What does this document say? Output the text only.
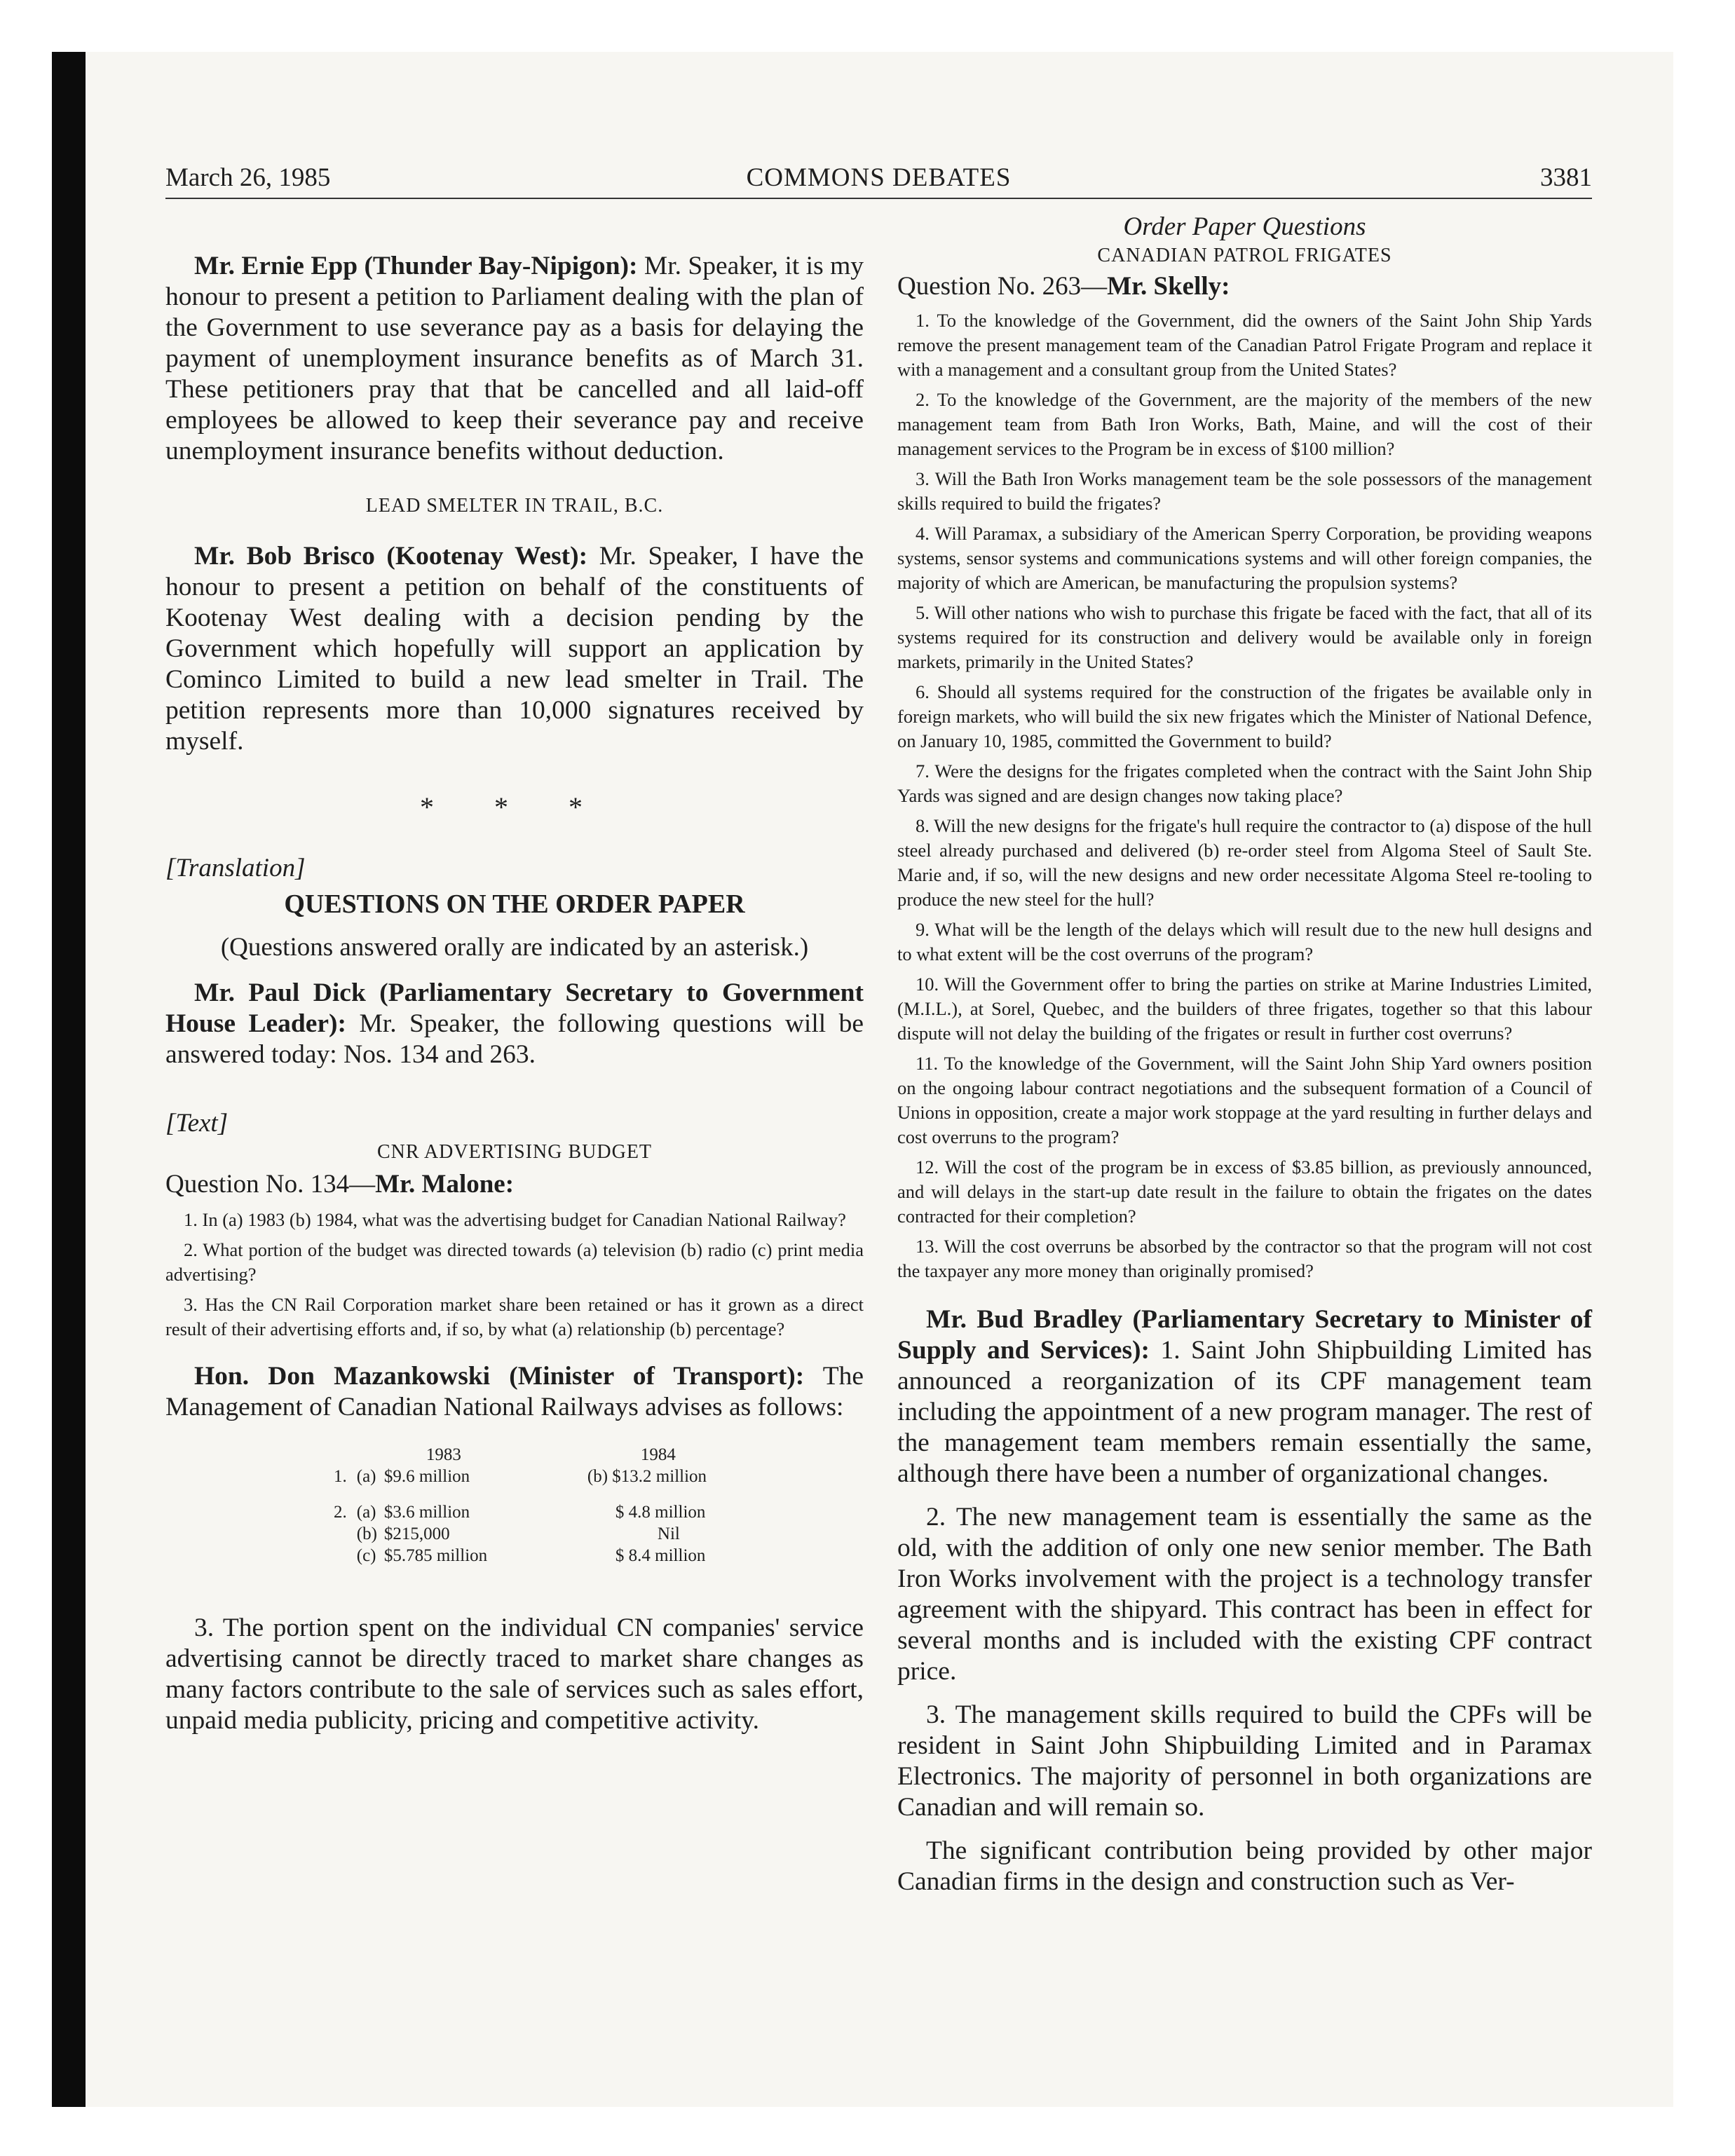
March 26, 1985	COMMONS DEBATES	3381

Mr. Ernie Epp (Thunder Bay-Nipigon): Mr. Speaker, it is my honour to present a petition to Parliament dealing with the plan of the Government to use severance pay as a basis for delaying the payment of unemployment insurance benefits as of March 31. These petitioners pray that that be cancelled and all laid-off employees be allowed to keep their severance pay and receive unemployment insurance benefits without deduction.

LEAD SMELTER IN TRAIL, B.C.

Mr. Bob Brisco (Kootenay West): Mr. Speaker, I have the honour to present a petition on behalf of the constituents of Kootenay West dealing with a decision pending by the Government which hopefully will support an application by Cominco Limited to build a new lead smelter in Trail. The petition represents more than 10,000 signatures received by myself.

* * *

[Translation]

QUESTIONS ON THE ORDER PAPER

(Questions answered orally are indicated by an asterisk.)

Mr. Paul Dick (Parliamentary Secretary to Government House Leader): Mr. Speaker, the following questions will be answered today: Nos. 134 and 263.

[Text]

CNR ADVERTISING BUDGET

Question No. 134—Mr. Malone:

1. In (a) 1983 (b) 1984, what was the advertising budget for Canadian National Railway?

2. What portion of the budget was directed towards (a) television (b) radio (c) print media advertising?

3. Has the CN Rail Corporation market share been retained or has it grown as a direct result of their advertising efforts and, if so, by what (a) relationship (b) percentage?

Hon. Don Mazankowski (Minister of Transport): The Management of Canadian National Railways advises as follows:

		1983	1984
1.	(a)	$9.6 million	(b) $13.2 million

2.	(a)	$3.6 million	$ 4.8 million
	(b)	$215,000	Nil
	(c)	$5.785 million	$ 8.4 million

3. The portion spent on the individual CN companies' service advertising cannot be directly traced to market share changes as many factors contribute to the sale of services such as sales effort, unpaid media publicity, pricing and competitive activity.

Order Paper Questions

CANADIAN PATROL FRIGATES

Question No. 263—Mr. Skelly:

1. To the knowledge of the Government, did the owners of the Saint John Ship Yards remove the present management team of the Canadian Patrol Frigate Program and replace it with a management and a consultant group from the United States?

2. To the knowledge of the Government, are the majority of the members of the new management team from Bath Iron Works, Bath, Maine, and will the cost of their management services to the Program be in excess of $100 million?

3. Will the Bath Iron Works management team be the sole possessors of the management skills required to build the frigates?

4. Will Paramax, a subsidiary of the American Sperry Corporation, be providing weapons systems, sensor systems and communications systems and will other foreign companies, the majority of which are American, be manufacturing the propulsion systems?

5. Will other nations who wish to purchase this frigate be faced with the fact, that all of its systems required for its construction and delivery would be available only in foreign markets, primarily in the United States?

6. Should all systems required for the construction of the frigates be available only in foreign markets, who will build the six new frigates which the Minister of National Defence, on January 10, 1985, committed the Government to build?

7. Were the designs for the frigates completed when the contract with the Saint John Ship Yards was signed and are design changes now taking place?

8. Will the new designs for the frigate's hull require the contractor to (a) dispose of the hull steel already purchased and delivered (b) re-order steel from Algoma Steel of Sault Ste. Marie and, if so, will the new designs and new order necessitate Algoma Steel re-tooling to produce the new steel for the hull?

9. What will be the length of the delays which will result due to the new hull designs and to what extent will be the cost overruns of the program?

10. Will the Government offer to bring the parties on strike at Marine Industries Limited, (M.I.L.), at Sorel, Quebec, and the builders of three frigates, together so that this labour dispute will not delay the building of the frigates or result in further cost overruns?

11. To the knowledge of the Government, will the Saint John Ship Yard owners position on the ongoing labour contract negotiations and the subsequent formation of a Council of Unions in opposition, create a major work stoppage at the yard resulting in further delays and cost overruns to the program?

12. Will the cost of the program be in excess of $3.85 billion, as previously announced, and will delays in the start-up date result in the failure to obtain the frigates on the dates contracted for their completion?

13. Will the cost overruns be absorbed by the contractor so that the program will not cost the taxpayer any more money than originally promised?

Mr. Bud Bradley (Parliamentary Secretary to Minister of Supply and Services): 1. Saint John Shipbuilding Limited has announced a reorganization of its CPF management team including the appointment of a new program manager. The rest of the management team members remain essentially the same, although there have been a number of organizational changes.

2. The new management team is essentially the same as the old, with the addition of only one new senior member. The Bath Iron Works involvement with the project is a technology transfer agreement with the shipyard. This contract has been in effect for several months and is included with the existing CPF contract price.

3. The management skills required to build the CPFs will be resident in Saint John Shipbuilding Limited and in Paramax Electronics. The majority of personnel in both organizations are Canadian and will remain so.

The significant contribution being provided by other major Canadian firms in the design and construction such as Ver-
